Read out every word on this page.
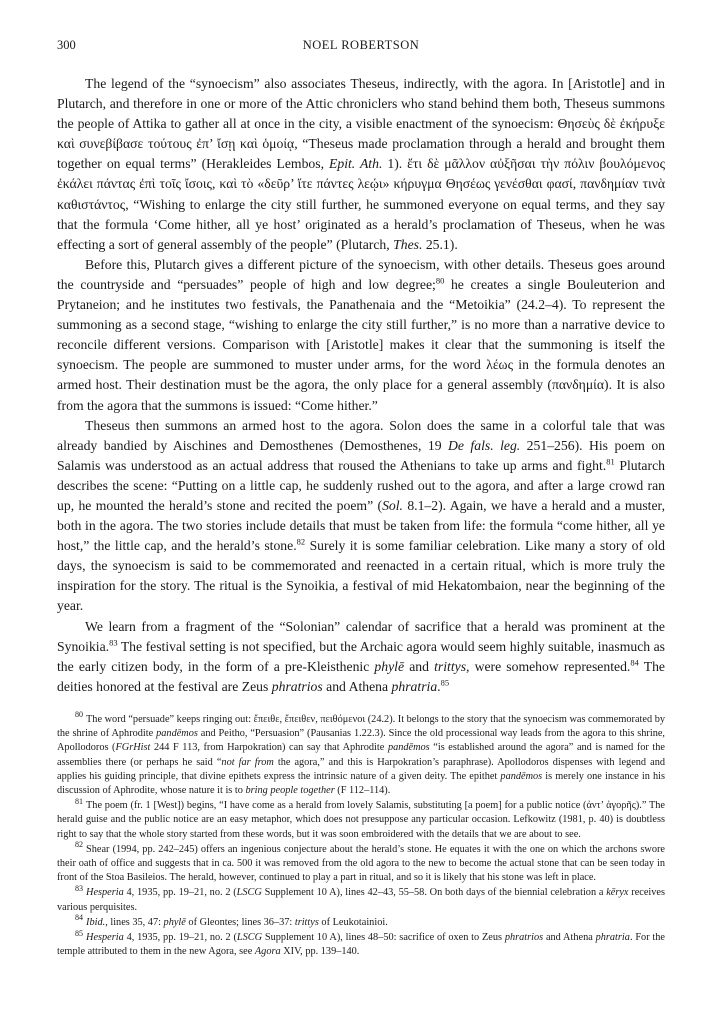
300	NOEL ROBERTSON

The legend of the “synoecism” also associates Theseus, indirectly, with the agora. In [Aristotle] and in Plutarch, and therefore in one or more of the Attic chroniclers who stand behind them both, Theseus summons the people of Attika to gather all at once in the city, a visible enactment of the synoecism: Θησεὺς δὲ ἐκήρυξε καὶ συνεβίβασε τούτους ἐπ’ ἴσῃ καὶ ὁμοίᾳ, “Theseus made proclamation through a herald and brought them together on equal terms” (Herakleides Lembos, Epit. Ath. 1). ἔτι δὲ μᾶλλον αὐξῆσαι τὴν πόλιν βουλόμενος ἐκάλει πάντας ἐπὶ τοῖς ἴσοις, καὶ τὸ «δεῦρ’ ἴτε πάντες λεῴι» κήρυγμα Θησέως γενέσθαι φασί, πανδημίαν τινὰ καθιστάντος, “Wishing to enlarge the city still further, he summoned everyone on equal terms, and they say that the formula ‘Come hither, all ye host’ originated as a herald’s proclamation of Theseus, when he was effecting a sort of general assembly of the people” (Plutarch, Thes. 25.1).

Before this, Plutarch gives a different picture of the synoecism, with other details. Theseus goes around the countryside and “persuades” people of high and low degree;$^{80}$ he creates a single Bouleuterion and Prytaneion; and he institutes two festivals, the Panathenaia and the “Metoikia” (24.2–4). To represent the summoning as a second stage, “wishing to enlarge the city still further,” is no more than a narrative device to reconcile different versions. Comparison with [Aristotle] makes it clear that the summoning is itself the synoecism. The people are summoned to muster under arms, for the word λέως in the formula denotes an armed host. Their destination must be the agora, the only place for a general assembly (πανδημία). It is also from the agora that the summons is issued: “Come hither.”

Theseus then summons an armed host to the agora. Solon does the same in a colorful tale that was already bandied by Aischines and Demosthenes (Demosthenes, 19 De fals. leg. 251–256). His poem on Salamis was understood as an actual address that roused the Athenians to take up arms and fight.$^{81}$ Plutarch describes the scene: “Putting on a little cap, he suddenly rushed out to the agora, and after a large crowd ran up, he mounted the herald’s stone and recited the poem” (Sol. 8.1–2). Again, we have a herald and a muster, both in the agora. The two stories include details that must be taken from life: the formula “come hither, all ye host,” the little cap, and the herald’s stone.$^{82}$ Surely it is some familiar celebration. Like many a story of old days, the synoecism is said to be commemorated and reenacted in a certain ritual, which is more truly the inspiration for the story. The ritual is the Synoikia, a festival of mid Hekatombaion, near the beginning of the year.

We learn from a fragment of the “Solonian” calendar of sacrifice that a herald was prominent at the Synoikia.$^{83}$ The festival setting is not specified, but the Archaic agora would seem highly suitable, inasmuch as the early citizen body, in the form of a pre-Kleisthenic phylē and trittys, were somehow represented.$^{84}$ The deities honored at the festival are Zeus phratrios and Athena phratria.$^{85}$

$^{80}$ The word “persuade” keeps ringing out: ἔπειθε, ἔπειθεν, πειθόμενοι (24.2). It belongs to the story that the synoecism was commemorated by the shrine of Aphrodite pandēmos and Peitho, “Persuasion” (Pausanias 1.22.3). Since the old processional way leads from the agora to this shrine, Apollodoros (FGrHist 244 F 113, from Harpokration) can say that Aphrodite pandēmos “is established around the agora” and is named for the assemblies there (or perhaps he said “not far from the agora,” and this is Harpokration’s paraphrase). Apollodoros dispenses with legend and applies his guiding principle, that divine epithets express the intrinsic nature of a given deity. The epithet pandēmos is merely one instance in his discussion of Aphrodite, whose nature it is to bring people together (F 112–114).

$^{81}$ The poem (fr. 1 [West]) begins, “I have come as a herald from lovely Salamis, substituting [a poem] for a public notice (ἀντ’ ἀγορῆς).” The herald guise and the public notice are an easy metaphor, which does not presuppose any particular occasion. Lefkowitz (1981, p. 40) is doubtless right to say that the whole story started from these words, but it was soon embroidered with the details that we are about to see.

$^{82}$ Shear (1994, pp. 242–245) offers an ingenious conjecture about the herald’s stone. He equates it with the one on which the archons swore their oath of office and suggests that in ca. 500 it was removed from the old agora to the new to become the actual stone that can be seen today in front of the Stoa Basileios. The herald, however, continued to play a part in ritual, and so it is likely that his stone was left in place.

$^{83}$ Hesperia 4, 1935, pp. 19–21, no. 2 (LSCG Supplement 10 A), lines 42–43, 55–58. On both days of the biennial celebration a kēryx receives various perquisites.

$^{84}$ Ibid., lines 35, 47: phylē of Gleontes; lines 36–37: trittys of Leukotainioi.

$^{85}$ Hesperia 4, 1935, pp. 19–21, no. 2 (LSCG Supplement 10 A), lines 48–50: sacrifice of oxen to Zeus phratrios and Athena phratria. For the temple attributed to them in the new Agora, see Agora XIV, pp. 139–140.
